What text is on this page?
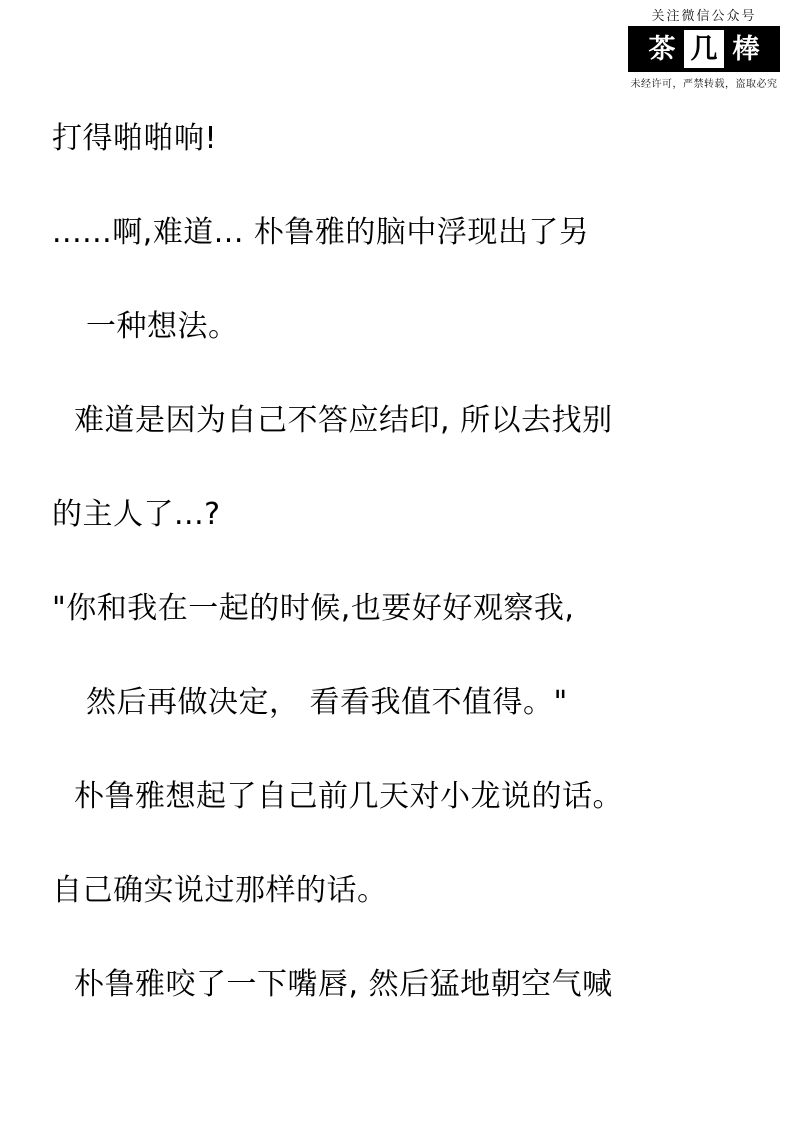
关注微信公众号
茶 几 棒
未经许可，严禁转载，盗取必究
打得啪啪响!
......啊,难道... 朴鲁雅的脑中浮现出了另
一种想法。
难道是因为自己不答应结印, 所以去找别
的主人了...?
"你和我在一起的时候,也要好好观察我,
然后再做决定， 看看我值不值得。"
朴鲁雅想起了自己前几天对小龙说的话。
自己确实说过那样的话。
朴鲁雅咬了一下嘴唇, 然后猛地朝空气喊
